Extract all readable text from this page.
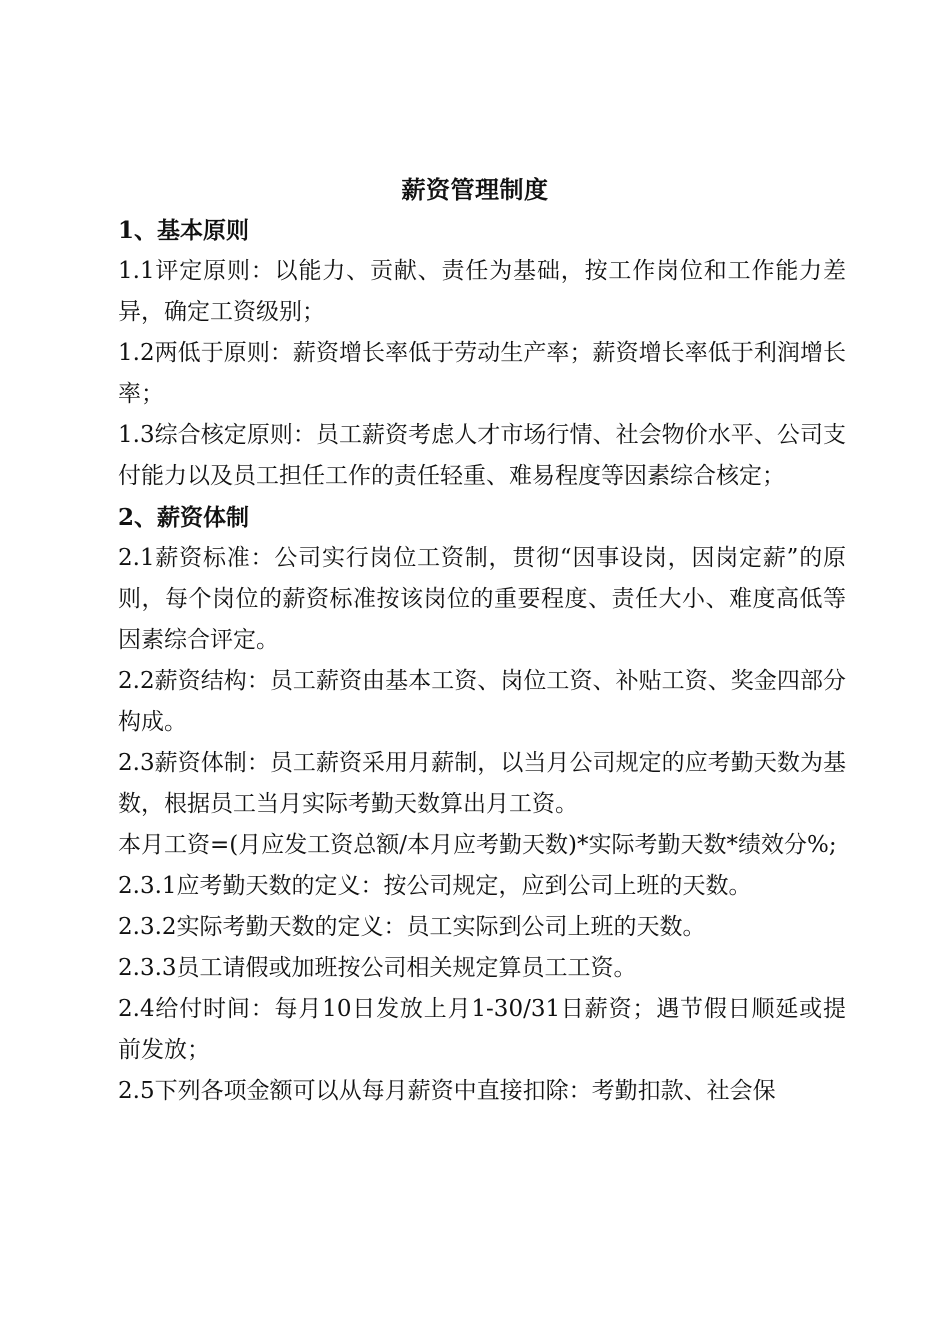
薪资管理制度

1、基本原则

1.1评定原则：以能力、贡献、责任为基础，按工作岗位和工作能力差异，确定工资级别；

1.2两低于原则：薪资增长率低于劳动生产率；薪资增长率低于利润增长率；

1.3综合核定原则：员工薪资考虑人才市场行情、社会物价水平、公司支付能力以及员工担任工作的责任轻重、难易程度等因素综合核定；

2、薪资体制

2.1薪资标准：公司实行岗位工资制，贯彻“因事设岗，因岗定薪”的原则，每个岗位的薪资标准按该岗位的重要程度、责任大小、难度高低等因素综合评定。

2.2薪资结构：员工薪资由基本工资、岗位工资、补贴工资、奖金四部分构成。

2.3薪资体制：员工薪资采用月薪制，以当月公司规定的应考勤天数为基数，根据员工当月实际考勤天数算出月工资。

本月工资=(月应发工资总额/本月应考勤天数)*实际考勤天数*绩效分%;

2.3.1应考勤天数的定义：按公司规定，应到公司上班的天数。

2.3.2实际考勤天数的定义：员工实际到公司上班的天数。

2.3.3员工请假或加班按公司相关规定算员工工资。

2.4给付时间：每月10日发放上月1-30/31日薪资；遇节假日顺延或提前发放；

2.5下列各项金额可以从每月薪资中直接扣除：考勤扣款、社会保
